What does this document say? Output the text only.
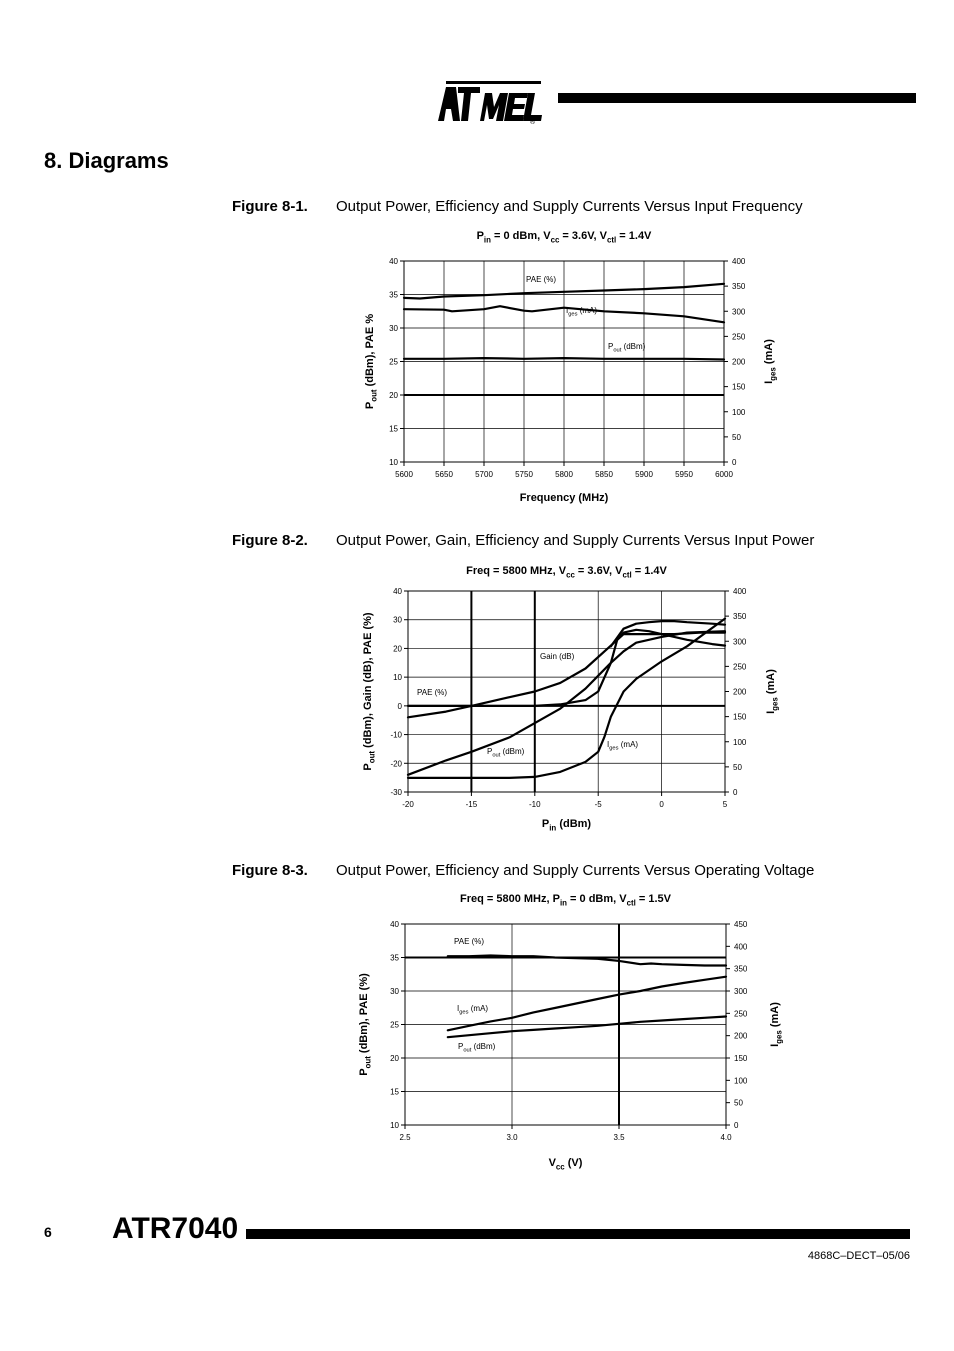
®
8. Diagrams
Figure 8-1. Output Power, Efficiency and Supply Currents Versus Input Frequency
Figure 8-2. Output Power, Gain, Efficiency and Supply Currents Versus Input Power
Figure 8-3. Output Power, Efficiency and Supply Currents Versus Operating Voltage
$P_{in} = 0$ dBm, $V_{cc} = 3.6V$, $V_{ctl} = 1.4V$
5600	5650	5700	5750	5800	5850	5900	5950	6000
10
15
20
25
30
35
40
0
50
100
150
200
250
300
350
400
Frequency (MHz)
$P_{out}$ (dBm), PAE %	$I_{ges}$ (mA)
PAE (%)
$I_{ges}$ (mA)
$P_{out}$ (dBm)
Freq = 5800 MHz, $V_{cc} = 3.6V$, $V_{ctl} = 1.4V$
-20	-15	-10	-5	0	5
-30
-20
-10
0
10
20
30
40
0
50
100
150
200
250
300
350
400
$P_{in}$ (dBm)
$P_{out}$ (dBm), Gain (dB), PAE (%)	$I_{ges}$ (mA)
Gain (dB)
PAE (%)
$P_{out}$ (dBm)
$I_{ges}$ (mA)
Freq = 5800 MHz, $P_{in} = 0$ dBm, $V_{ctl} = 1.5V$
2.5	3.0	3.5	4.0
10
15
20
25
30
35
40
0
50
100
150
200
250
300
350
400
450
$V_{cc}$ (V)
$P_{out}$ (dBm), PAE (%)	$I_{ges}$ (mA)
PAE (%)
$I_{ges}$ (mA)
$P_{out}$ (dBm)
6 ATR7040
4868C–DECT–05/06
